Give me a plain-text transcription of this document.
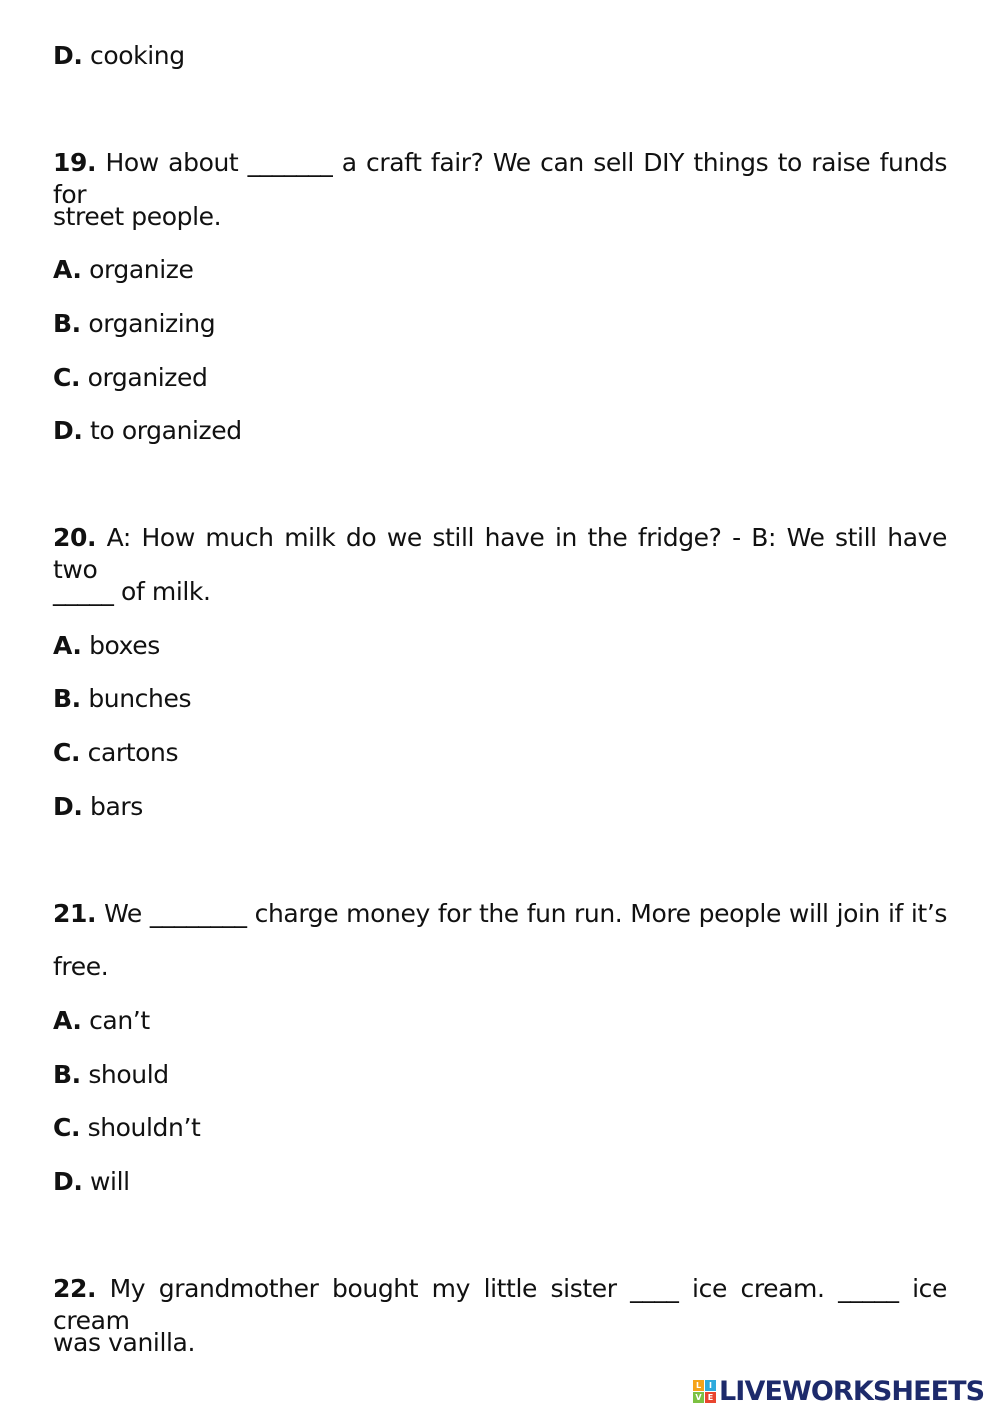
D. cooking
19. How about _______ a craft fair? We can sell DIY things to raise funds for
street people.
A. organize
B. organizing
C. organized
D. to organized
20. A: How much milk do we still have in the fridge? - B: We still have two
_____ of milk.
A. boxes
B. bunches
C. cartons
D. bars
21. We ________ charge money for the fun run. More people will join if it’s
free.
A. can’t
B. should
C. shouldn’t
D. will
22. My grandmother bought my little sister ____ ice cream. _____ ice cream
was vanilla.
L I
V E LIVEWORKSHEETS
